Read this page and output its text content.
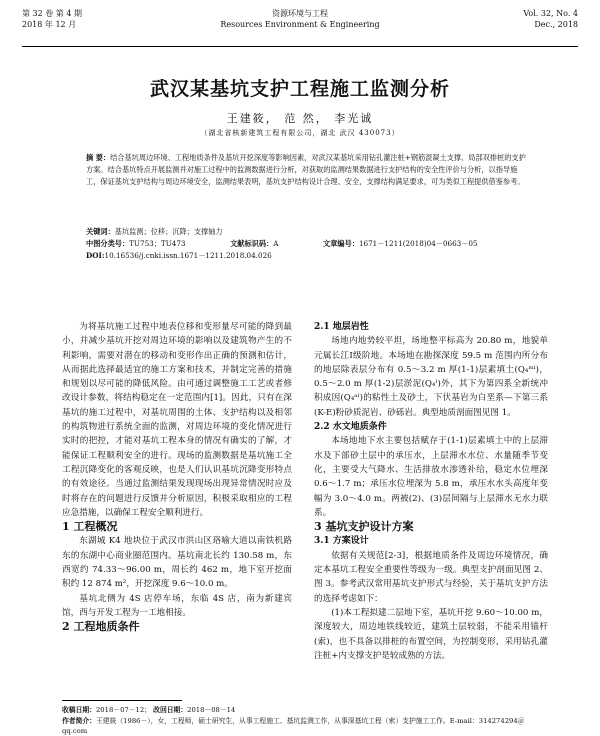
第 32 卷 第 4 期
2018 年 12 月
资源环境与工程
Resources Environment & Engineering
Vol. 32, No. 4
Dec., 2018
武汉某基坑支护工程施工监测分析
王建筱， 范 然， 李光诚
（湖北省核新建筑工程有限公司，湖北 武汉 430073）
摘 要：结合基坑周边环境、工程地质条件及基坑开挖深度等影响因素，对武汉某基坑采用钻孔灌注桩+钢筋混凝土支撑、局部双排桩的支护方案。结合基坑特点开展监测并对施工过程中的监测数据进行分析，对获取的监测结果数据进行支护结构的安全性评价与分析，以指导施工，保证基坑支护结构与周边环境安全，监测结果表明，基坑支护结构设计合理、安全，支撑结构满足要求，可为类似工程提供借鉴参考。
关键词：基坑监测；位移；沉降；支撑轴力
中图分类号：TU753；TU473	文献标识码：A	文章编号：1671－1211(2018)04－0663－05
DOI:10.16536/j.cnki.issn.1671－1211.2018.04.026

为将基坑施工过程中地表位移和变形量尽可能的降到最小，并减少基坑开挖对周边环境的影响以及建筑物产生的不利影响，需要对潜在的移动和变形作出正确的预测和估计，从而据此选择最适宜的施工方案和技术，并制定完善的措施和规划以尽可能的降低风险。由可通过调整施工工艺或者修改设计参数，将结构稳定在一定范围内[1]。因此，只有在深基坑的施工过程中，对基坑周围的土体、支护结构以及相邻的构筑物进行系统全面的监测，对周边环境的变化情况进行实时的把控，才能对基坑工程本身的情况有确实的了解，才能保证工程顺利安全的进行。现场的监测数据是基坑施工全工程沉降变化的客观反映，也是人们认识基坑沉降变形特点的有效途径。当通过监测结果发现现场出现异常情况时应及时将存在的问题进行反馈并分析原因，积极采取相应的工程应急措施，以确保工程安全顺利进行。

1 工程概况

东湖城 K4 地块位于武汉市洪山区珞喻大道以南铁机路东的东湖中心商业圈范围内。基坑南北长约 130.58 m，东西宽约 74.33～96.00 m，周长约 462 m，地下室开挖面积约 12 874 m²，开挖深度 9.6～10.0 m。

基坑北侧为 4S 店停车场，东临 4S 店，南为新建宾馆，西与开发工程为一工地相接。

2 工程地质条件

2.1 地层岩性

场地内地势较平坦，场地整平标高为 20.80 m，地貌单元属长江Ⅰ级阶地。本场地在勘探深度 59.5 m 范围内所分布的地层除表层分布有 0.5～3.2 m 厚(1-1)层素填土(Q₄ᵐˡ)，0.5～2.0 m 厚(1-2)层淤泥(Q₄ˡ)外，其下为第四系全新统冲积成因(Q₄ᵃˡ)的粘性土及砂土，下伏基岩为白垩系—下第三系(K-E)粉砂质泥岩、砂砾岩。典型地质剖面图见图 1。

2.2 水文地质条件

本场地地下水主要包括赋存于(1-1)层素填土中的上层滞水及下部砂土层中的承压水，上层滞水水位、水量随季节变化，主要受大气降水、生活排放水渗透补给，稳定水位埋深 0.6～1.7 m；承压水位埋深为 5.8 m，承压水水头高度年变幅为 3.0～4.0 m。两被(2)、(3)层间隔与上层滞水无水力联系。

3 基坑支护设计方案

3.1 方案设计

依据有关规范[2-3]，根据地质条件及周边环境情况，确定本基坑工程安全重要性等级为一级。典型支护剖面见图 2、图 3。参考武汉常用基坑支护形式与经验，关于基坑支护方法的选择考虑如下：

(1)本工程拟建二层地下室，基坑开挖 9.60～10.00 m，深度较大，周边地铁线较近，建筑土层较弱，不能采用锚杆(索)，也不具备以排桩的布置空间，为控制变形，采用钻孔灌注桩+内支撑支护是较成熟的方法。

收稿日期：2018－07－12； 改回日期：2018－08－14
作者简介：王建筱（1986－），女，工程师，硕士研究生，从事工程施工、基坑监测工作，从事深基坑工程（索）支护施工工作。E-mail：314274294＠qq.com
